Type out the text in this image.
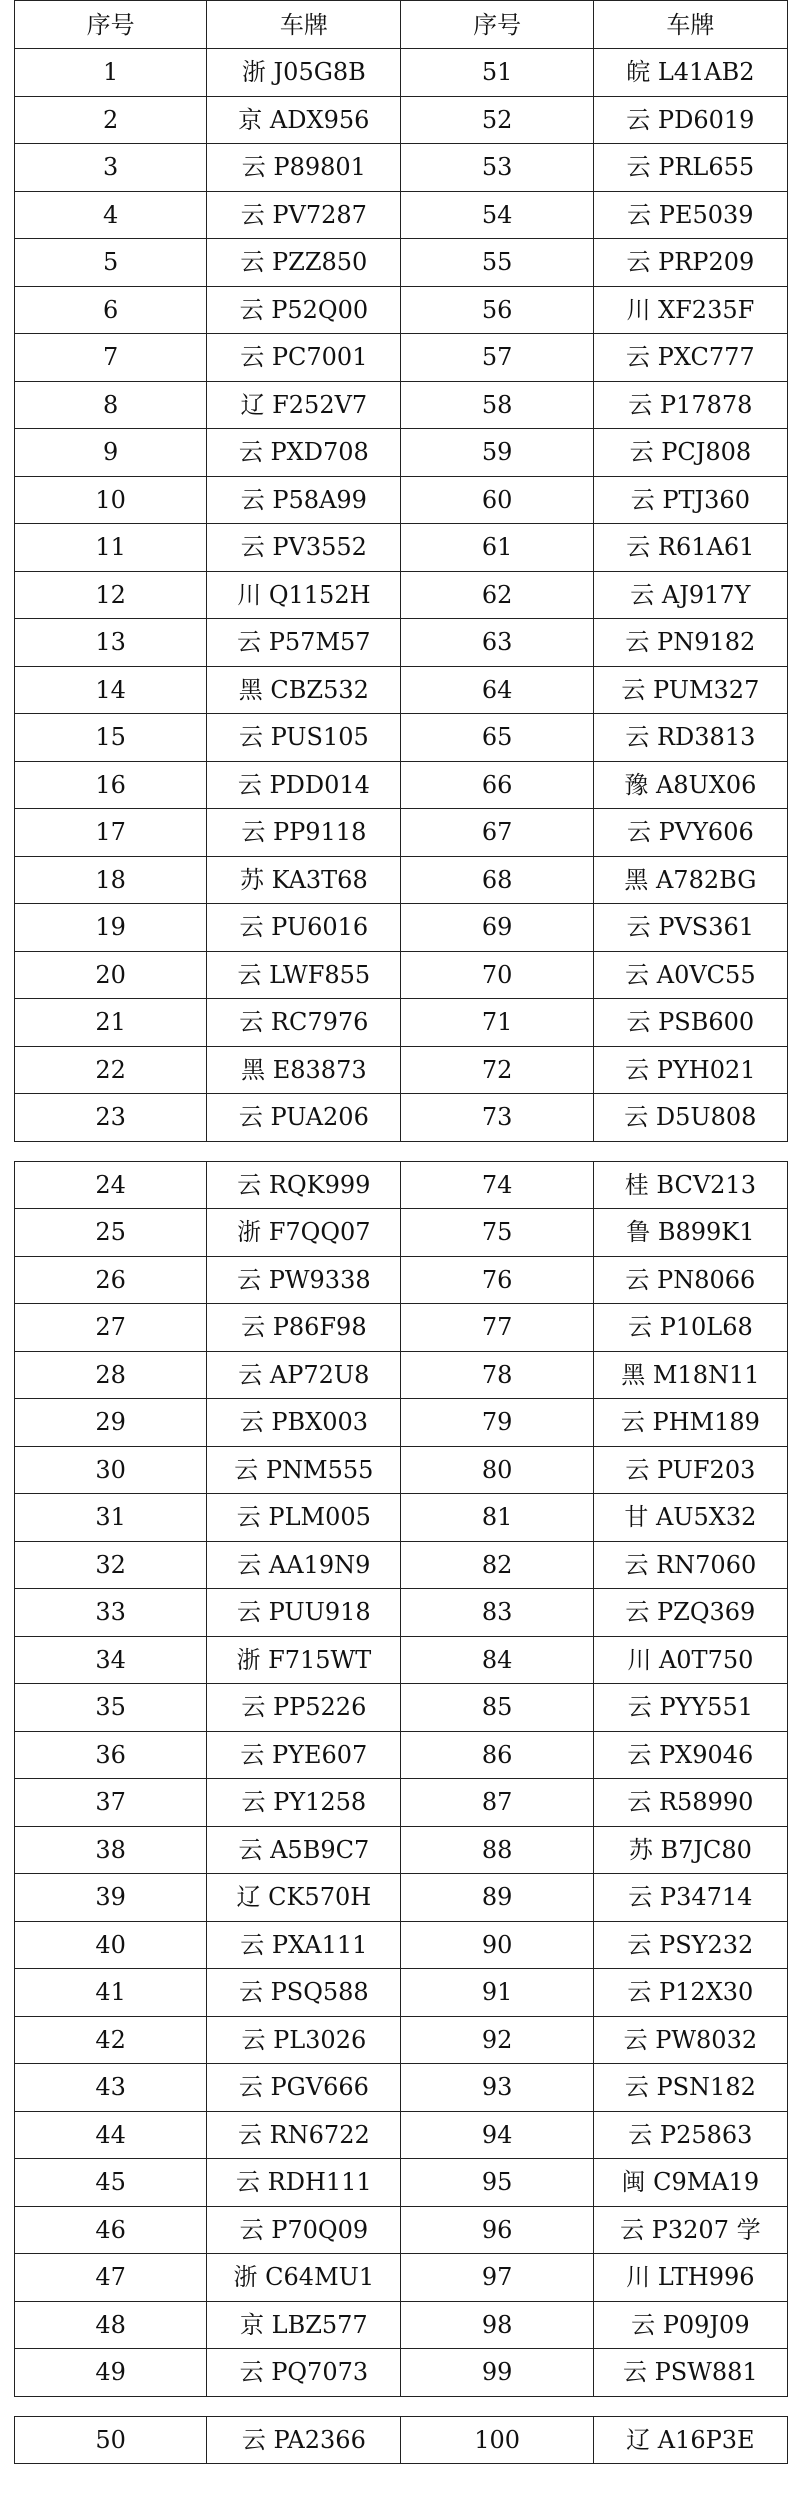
序号	车牌	序号	车牌
1	浙 J05G8B	51	皖 L41AB2
2	京 ADX956	52	云 PD6019
3	云 P89801	53	云 PRL655
4	云 PV7287	54	云 PE5039
5	云 PZZ850	55	云 PRP209
6	云 P52Q00	56	川 XF235F
7	云 PC7001	57	云 PXC777
8	辽 F252V7	58	云 P17878
9	云 PXD708	59	云 PCJ808
10	云 P58A99	60	云 PTJ360
11	云 PV3552	61	云 R61A61
12	川 Q1152H	62	云 AJ917Y
13	云 P57M57	63	云 PN9182
14	黑 CBZ532	64	云 PUM327
15	云 PUS105	65	云 RD3813
16	云 PDD014	66	豫 A8UX06
17	云 PP9118	67	云 PVY606
18	苏 KA3T68	68	黑 A782BG
19	云 PU6016	69	云 PVS361
20	云 LWF855	70	云 A0VC55
21	云 RC7976	71	云 PSB600
22	黑 E83873	72	云 PYH021
23	云 PUA206	73	云 D5U808
24	云 RQK999	74	桂 BCV213
25	浙 F7QQ07	75	鲁 B899K1
26	云 PW9338	76	云 PN8066
27	云 P86F98	77	云 P10L68
28	云 AP72U8	78	黑 M18N11
29	云 PBX003	79	云 PHM189
30	云 PNM555	80	云 PUF203
31	云 PLM005	81	甘 AU5X32
32	云 AA19N9	82	云 RN7060
33	云 PUU918	83	云 PZQ369
34	浙 F715WT	84	川 A0T750
35	云 PP5226	85	云 PYY551
36	云 PYE607	86	云 PX9046
37	云 PY1258	87	云 R58990
38	云 A5B9C7	88	苏 B7JC80
39	辽 CK570H	89	云 P34714
40	云 PXA111	90	云 PSY232
41	云 PSQ588	91	云 P12X30
42	云 PL3026	92	云 PW8032
43	云 PGV666	93	云 PSN182
44	云 RN6722	94	云 P25863
45	云 RDH111	95	闽 C9MA19
46	云 P70Q09	96	云 P3207 学
47	浙 C64MU1	97	川 LTH996
48	京 LBZ577	98	云 P09J09
49	云 PQ7073	99	云 PSW881
50	云 PA2366	100	辽 A16P3E
